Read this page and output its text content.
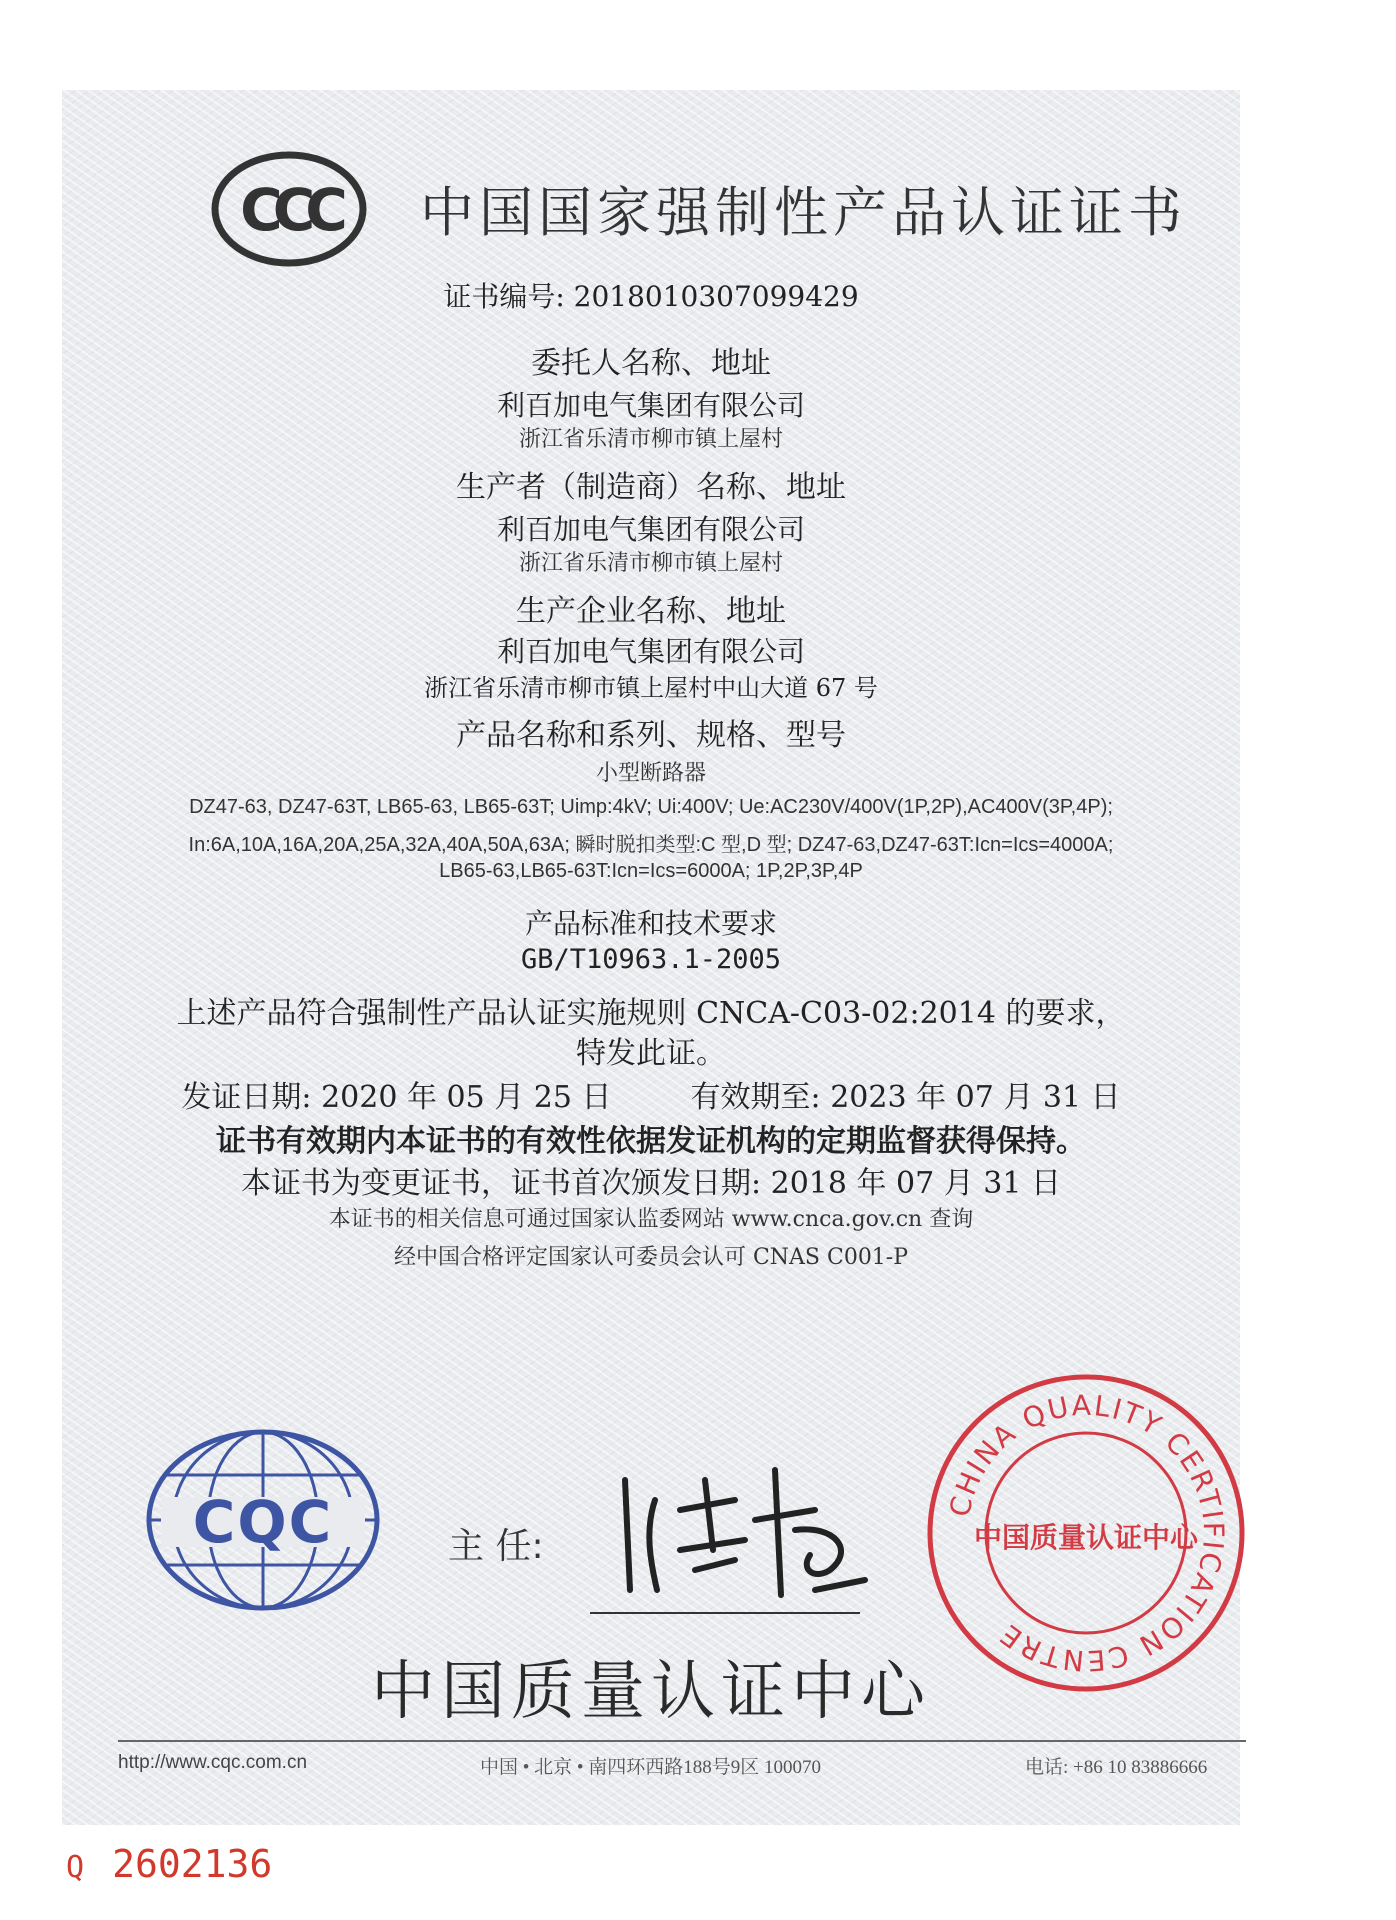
CCC 中国国家强制性产品认证证书
证书编号: 2018010307099429
委托人名称、地址
利百加电气集团有限公司
浙江省乐清市柳市镇上屋村
生产者（制造商）名称、地址
利百加电气集团有限公司
浙江省乐清市柳市镇上屋村
生产企业名称、地址
利百加电气集团有限公司
浙江省乐清市柳市镇上屋村中山大道 67 号
产品名称和系列、规格、型号
小型断路器
DZ47-63, DZ47-63T, LB65-63, LB65-63T; Uimp:4kV; Ui:400V; Ue:AC230V/400V(1P,2P),AC400V(3P,4P);
In:6A,10A,16A,20A,25A,32A,40A,50A,63A; 瞬时脱扣类型:C 型,D 型; DZ47-63,DZ47-63T:Icn=Ics=4000A;
LB65-63,LB65-63T:Icn=Ics=6000A; 1P,2P,3P,4P
产品标准和技术要求
GB/T10963.1-2005
上述产品符合强制性产品认证实施规则 CNCA-C03-02:2014 的要求，
特发此证。
发证日期: 2020 年 05 月 25 日	有效期至: 2023 年 07 月 31 日
证书有效期内本证书的有效性依据发证机构的定期监督获得保持。
本证书为变更证书，证书首次颁发日期: 2018 年 07 月 31 日
本证书的相关信息可通过国家认监委网站 www.cnca.gov.cn 查询
经中国合格评定国家认可委员会认可 CNAS C001-P
CQC	主 任:
CHINA QUALITY CERTIFICATION CENTRE
中国质量认证中心
中国质量认证中心
http://www.cqc.com.cn	中国 • 北京 • 南四环西路188号9区 100070	电话: +86 10 83886666
Q 2602136
